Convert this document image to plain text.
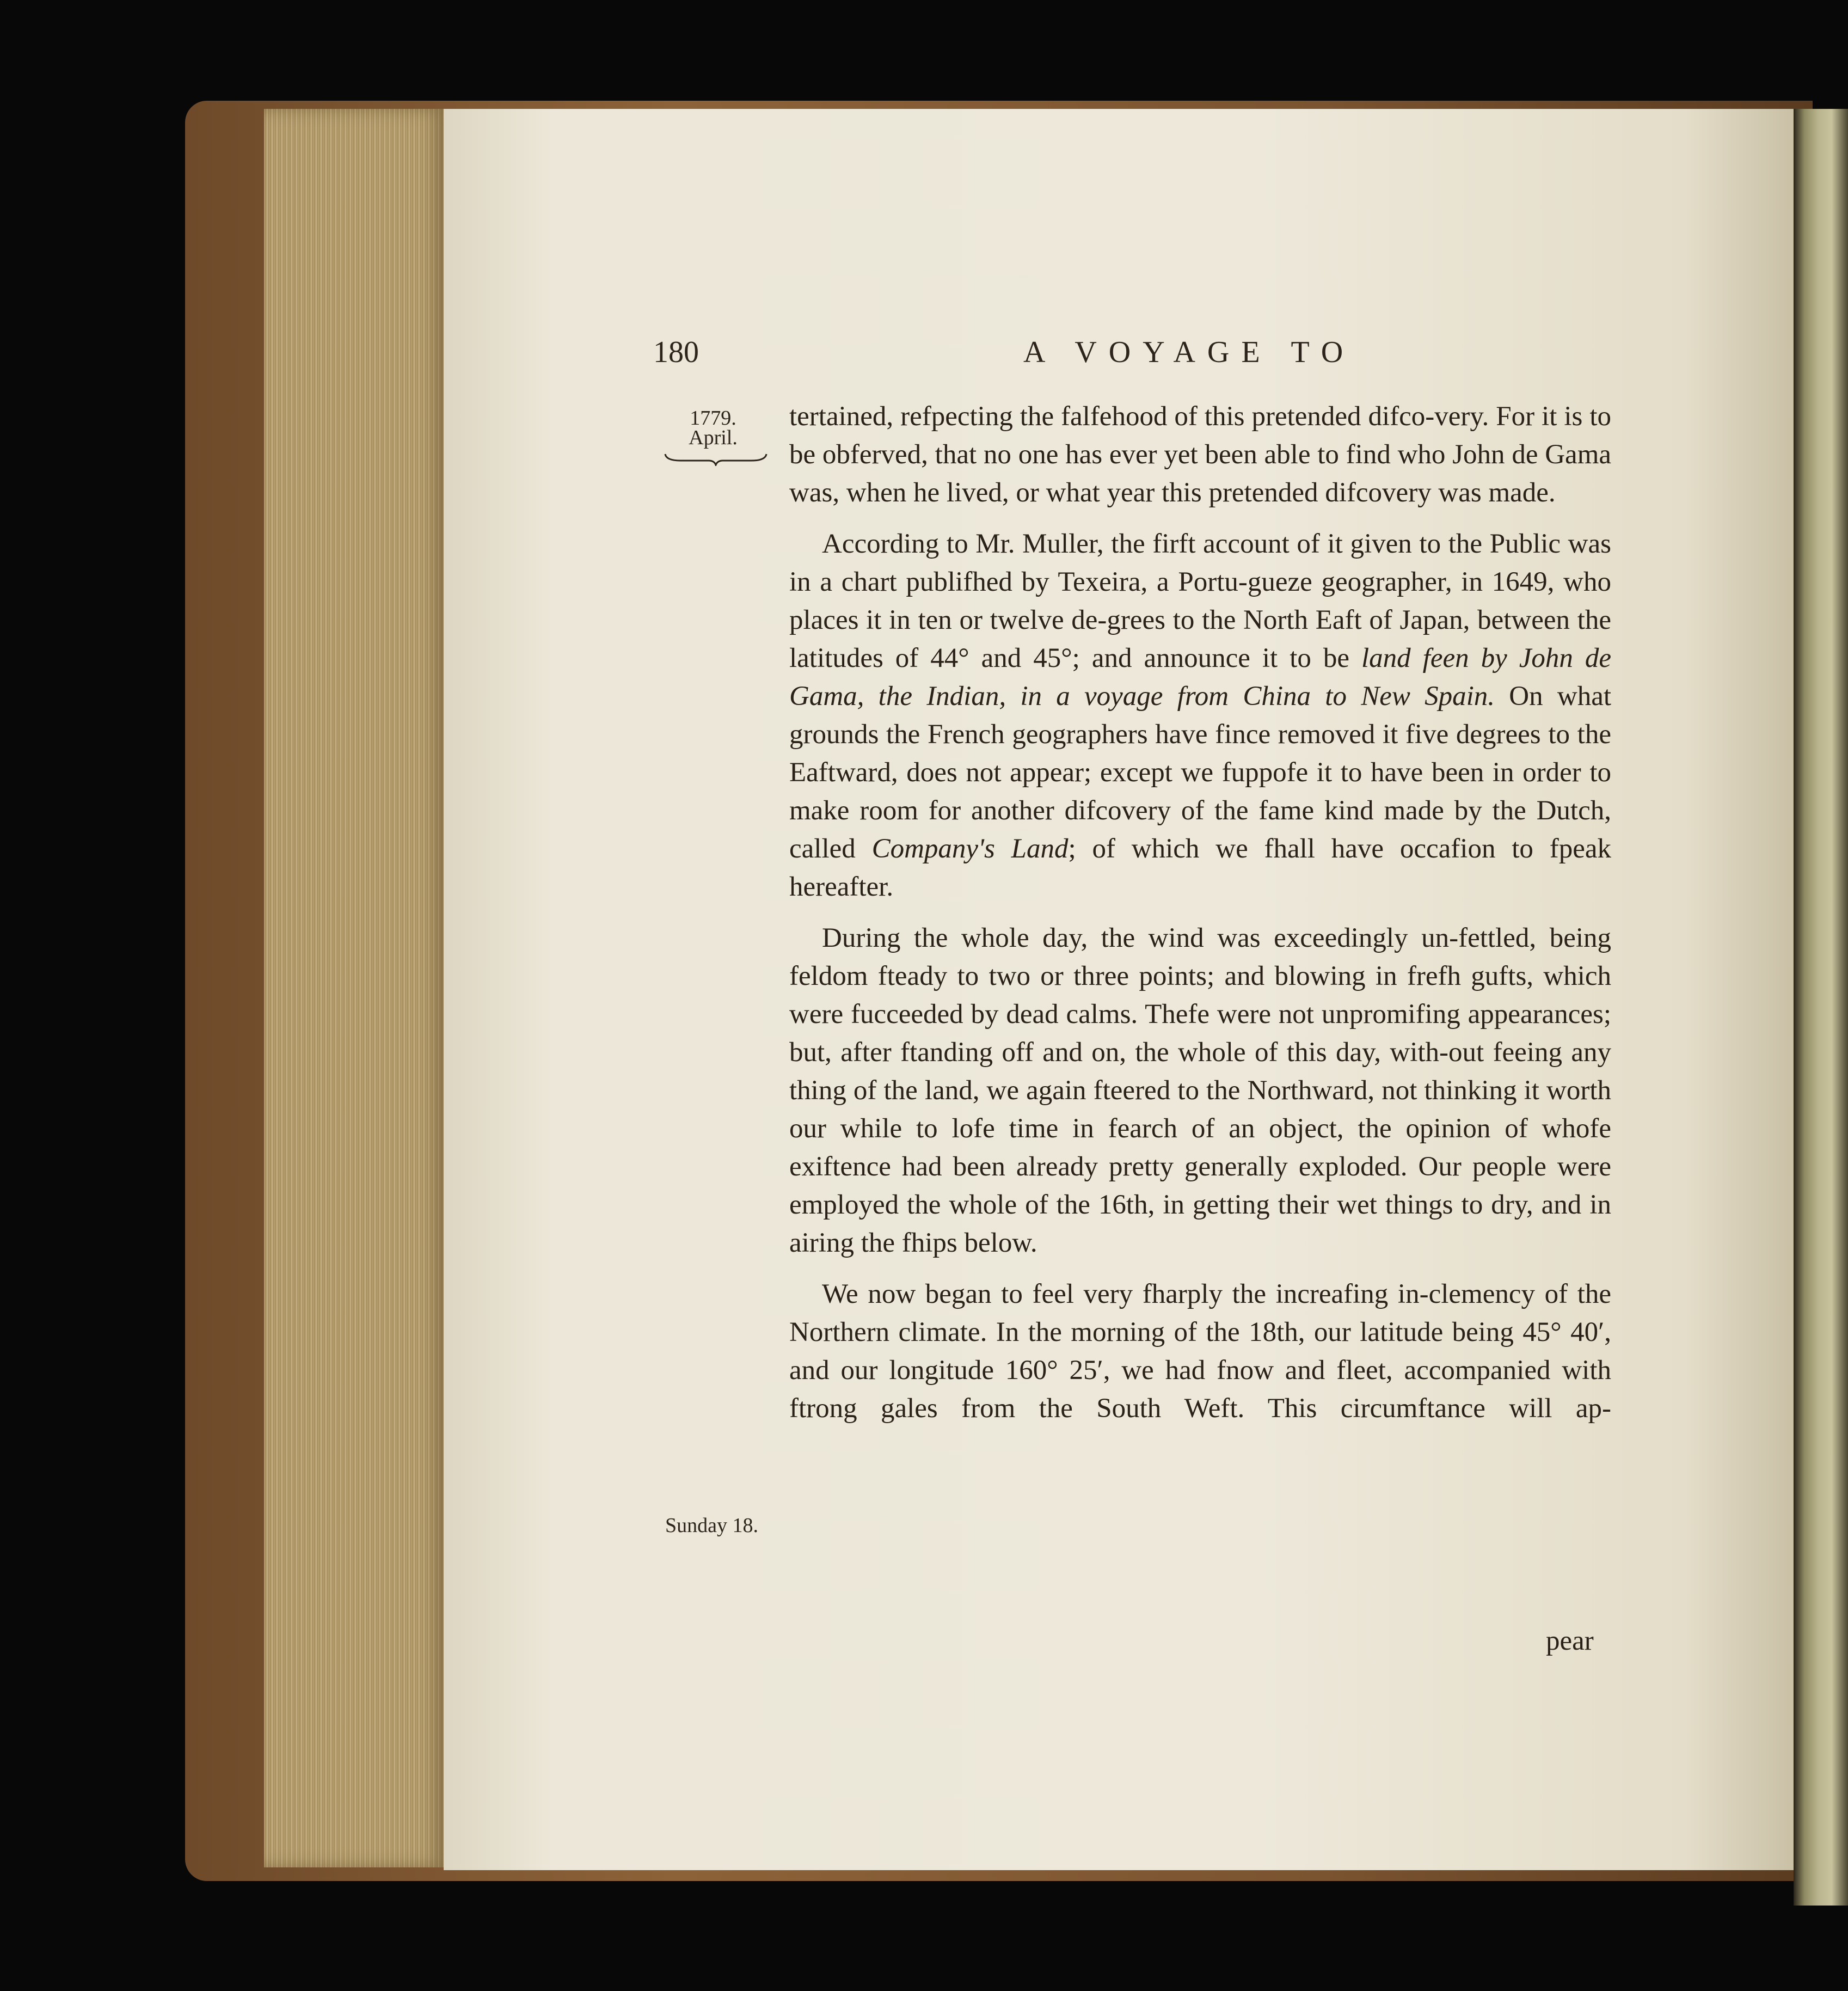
180	A VOYAGE TO
1779.
April.
Sunday 18.

tertained, refpecting the falfehood of this pretended difco-very. For it is to be obferved, that no one has ever yet been able to find who John de Gama was, when he lived, or what year this pretended difcovery was made.

According to Mr. Muller, the firft account of it given to the Public was in a chart publifhed by Texeira, a Portu-gueze geographer, in 1649, who places it in ten or twelve de-grees to the North Eaft of Japan, between the latitudes of 44° and 45°; and announce it to be land feen by John de Gama, the Indian, in a voyage from China to New Spain. On what grounds the French geographers have fince removed it five degrees to the Eaftward, does not appear; except we fuppofe it to have been in order to make room for another difcovery of the fame kind made by the Dutch, called Company's Land; of which we fhall have occafion to fpeak hereafter.

During the whole day, the wind was exceedingly un-fettled, being feldom fteady to two or three points; and blowing in frefh gufts, which were fucceeded by dead calms. Thefe were not unpromifing appearances; but, after ftanding off and on, the whole of this day, with-out feeing any thing of the land, we again fteered to the Northward, not thinking it worth our while to lofe time in fearch of an object, the opinion of whofe exiftence had been already pretty generally exploded. Our people were employed the whole of the 16th, in getting their wet things to dry, and in airing the fhips below.

We now began to feel very fharply the increafing in-clemency of the Northern climate. In the morning of the 18th, our latitude being 45° 40′, and our longitude 160° 25′, we had fnow and fleet, accompanied with ftrong gales from the South Weft. This circumftance will ap-

pear
